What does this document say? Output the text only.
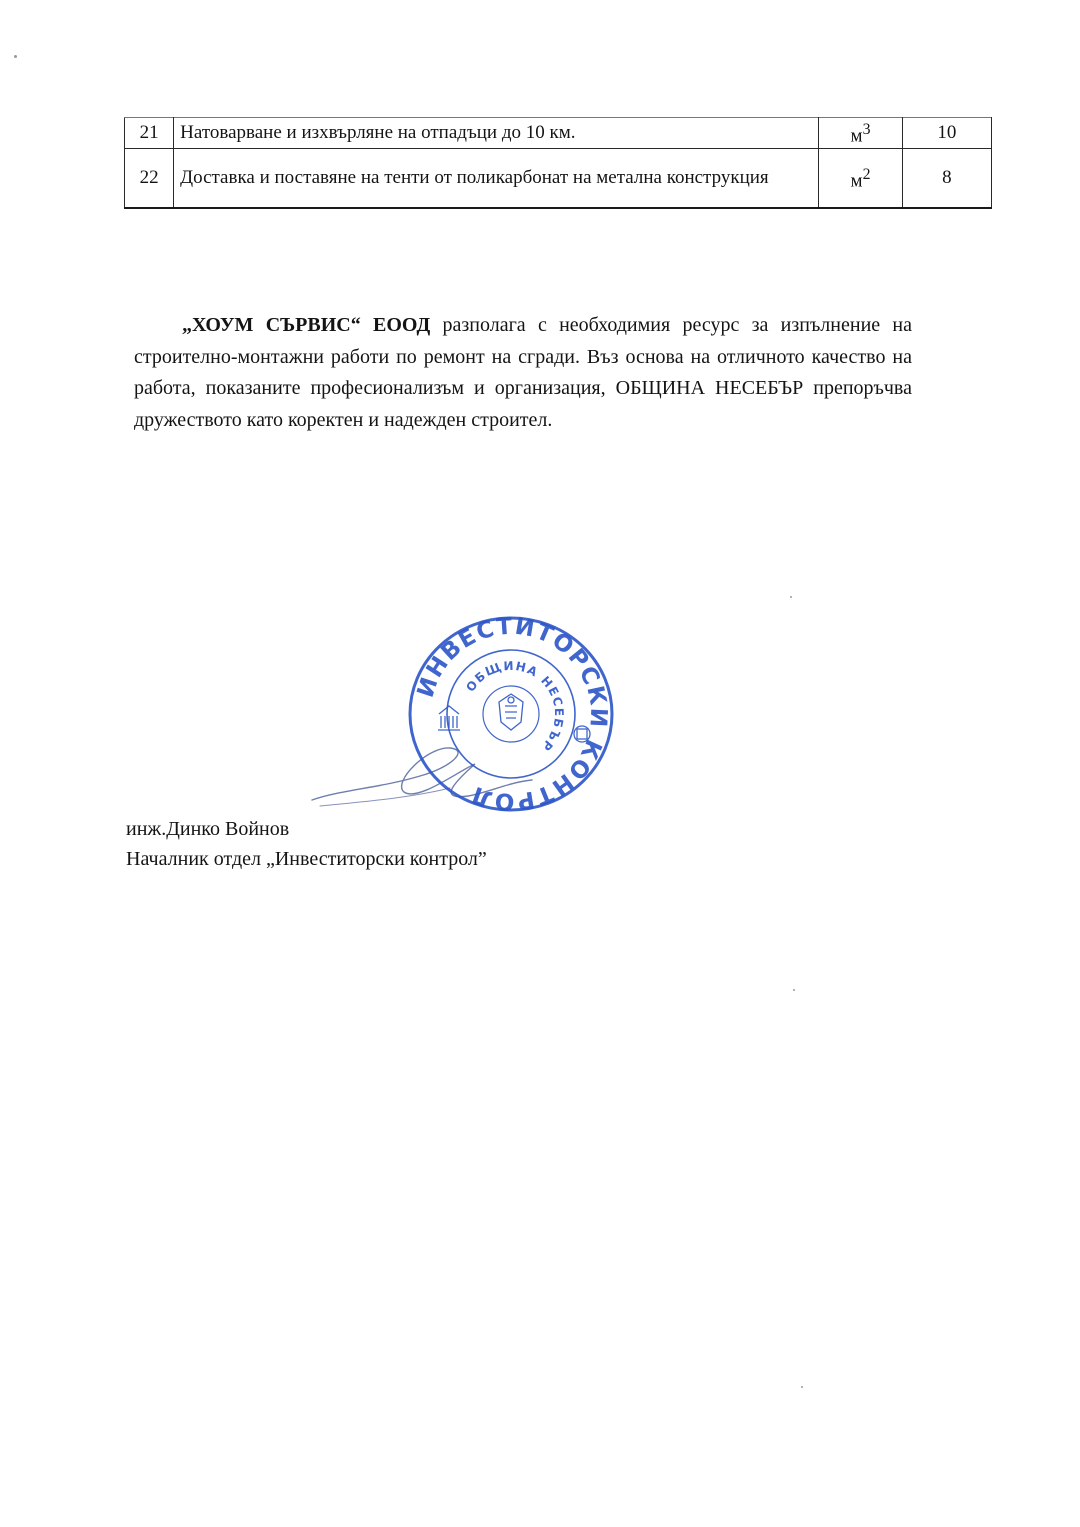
21	Натоварване и изхвърляне на отпадъци до 10 км.	$м^3$	10
22	Доставка и поставяне на тенти от поликарбонат на метална конструкция	$м^2$	8

„ХОУМ СЪРВИС“ ЕООД разполага с необходимия ресурс за изпълнение на строително-монтажни работи по ремонт на сгради. Въз основа на отличното качество на работа, показаните професионализъм и организация, ОБЩИНА НЕСЕБЪР препоръчва дружеството като коректен и надежден строител.

ИНВЕСТИТОРСКИ КОНТРОЛ
ОБЩИНА НЕСЕБЪР
инж.Динко Войнов
Началник отдел „Инвеститорски контрол”
